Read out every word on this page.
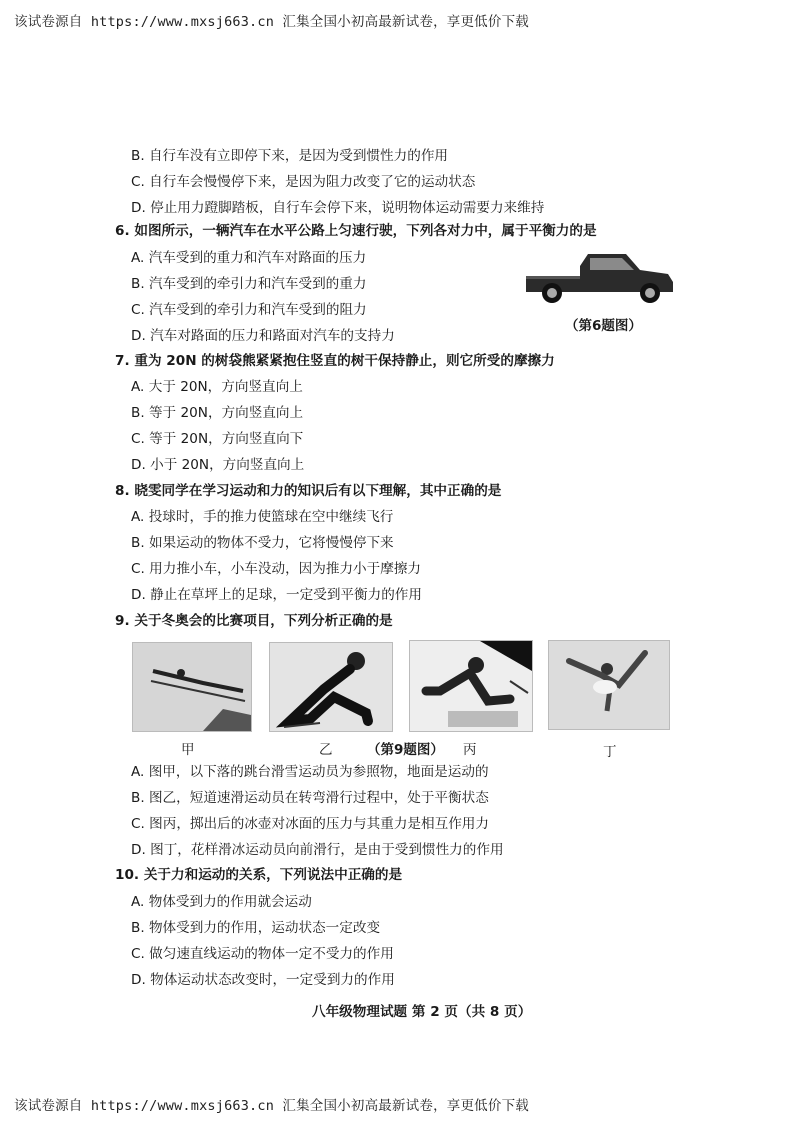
该试卷源自 https://www.mxsj663.cn 汇集全国小初高最新试卷，享更低价下载
B. 自行车没有立即停下来，是因为受到惯性力的作用
C. 自行车会慢慢停下来，是因为阻力改变了它的运动状态
D. 停止用力蹬脚踏板，自行车会停下来，说明物体运动需要力来维持
6. 如图所示，一辆汽车在水平公路上匀速行驶，下列各对力中，属于平衡力的是
A. 汽车受到的重力和汽车对路面的压力
B. 汽车受到的牵引力和汽车受到的重力
C. 汽车受到的牵引力和汽车受到的阻力
D. 汽车对路面的压力和路面对汽车的支持力
（第6题图）
7. 重为 20N 的树袋熊紧紧抱住竖直的树干保持静止，则它所受的摩擦力
A. 大于 20N，方向竖直向上
B. 等于 20N，方向竖直向上
C. 等于 20N，方向竖直向下
D. 小于 20N，方向竖直向上
8. 晓雯同学在学习运动和力的知识后有以下理解，其中正确的是
A. 投球时，手的推力使篮球在空中继续飞行
B. 如果运动的物体不受力，它将慢慢停下来
C. 用力推小车，小车没动，因为推力小于摩擦力
D. 静止在草坪上的足球，一定受到平衡力的作用
9. 关于冬奥会的比赛项目，下列分析正确的是
甲	乙	（第9题图） 丙	丁
A. 图甲，以下落的跳台滑雪运动员为参照物，地面是运动的
B. 图乙，短道速滑运动员在转弯滑行过程中，处于平衡状态
C. 图丙，掷出后的冰壶对冰面的压力与其重力是相互作用力
D. 图丁，花样滑冰运动员向前滑行，是由于受到惯性力的作用
10. 关于力和运动的关系，下列说法中正确的是
A. 物体受到力的作用就会运动
B. 物体受到力的作用，运动状态一定改变
C. 做匀速直线运动的物体一定不受力的作用
D. 物体运动状态改变时，一定受到力的作用
八年级物理试题 第 2 页（共 8 页）
该试卷源自 https://www.mxsj663.cn 汇集全国小初高最新试卷，享更低价下载
